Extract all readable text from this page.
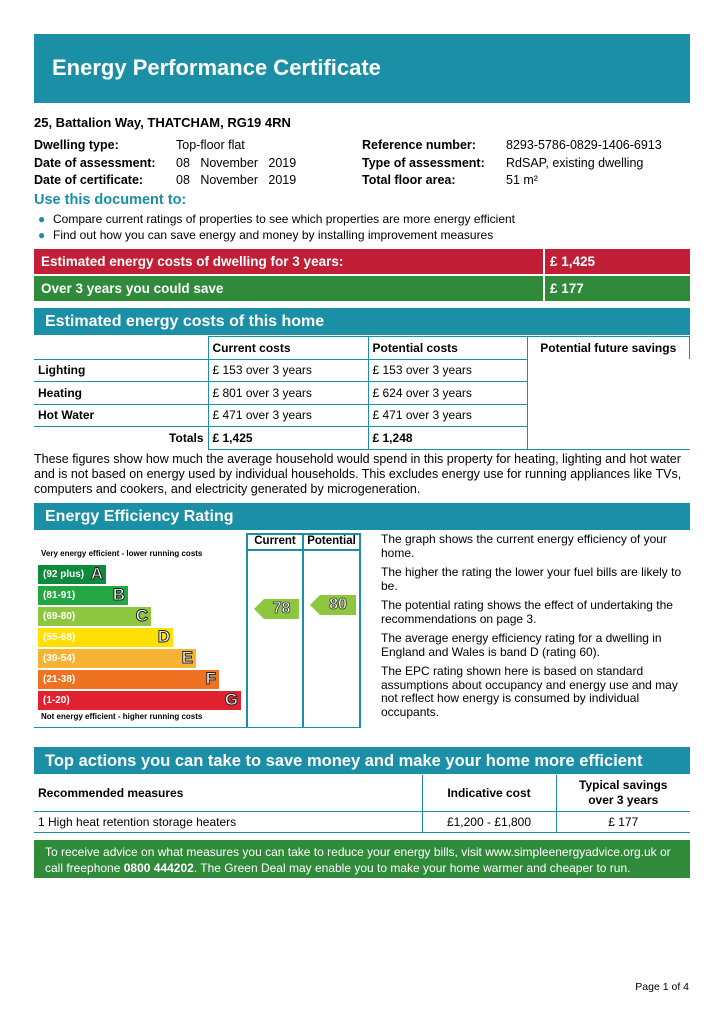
Energy Performance Certificate
25, Battalion Way, THATCHAM, RG19 4RN
Dwelling type:	Top-floor flat
Date of assessment: 08   November   2019
Date of certificate:	08   November   2019
Reference number: 8293-5786-0829-1406-6913
Type of assessment: RdSAP, existing dwelling
Total floor area:	51 m²
Use this document to:
● Compare current ratings of properties to see which properties are more energy efficient
● Find out how you can save energy and money by installing improvement measures
Estimated energy costs of dwelling for 3 years:	£ 1,425
Over 3 years you could save	£ 177
Estimated energy costs of this home
	Current costs	Potential costs	Potential future savings
Lighting	£ 153 over 3 years	£ 153 over 3 years	
Heating	£ 801 over 3 years	£ 624 over 3 years	
Hot Water	£ 471 over 3 years	£ 471 over 3 years	
Totals	£ 1,425	£ 1,248	
These figures show how much the average household would spend in this property for heating, lighting and hot water and is not based on energy used by individual households. This excludes energy use for running appliances like TVs, computers and cookers, and electricity generated by microgeneration.
Energy Efficiency Rating
Current Potential
Very energy efficient - lower running costs
(92 plus) A
(81-91) B
(69-80)	C
(55-68)	D
(39-54)	E
(21-38)	F
(1-20)	G
Not energy efficient - higher running costs
78	80

The graph shows the current energy efficiency of your home.

The higher the rating the lower your fuel bills are likely to be.

The potential rating shows the effect of undertaking the recommendations on page 3.

The average energy efficiency rating for a dwelling in England and Wales is band D (rating 60).

The EPC rating shown here is based on standard assumptions about occupancy and energy use and may not reflect how energy is consumed by individual occupants.

Top actions you can take to save money and make your home more efficient
Recommended measures	Indicative cost	Typical savings
over 3 years

1 High heat retention storage heaters	£1,200 - £1,800	£ 177
To receive advice on what measures you can take to reduce your energy bills, visit www.simpleenergyadvice.org.uk or call freephone 0800 444202. The Green Deal may enable you to make your home warmer and cheaper to run.
Page 1 of 4
